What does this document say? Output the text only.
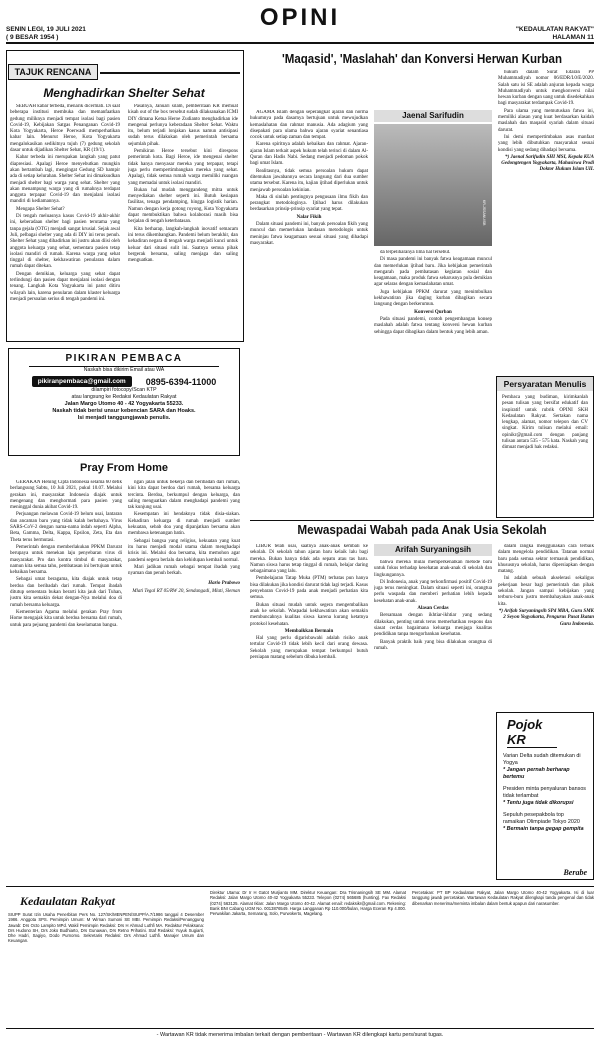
SENIN LEGI, 19 JULI 2021
( 9 BESAR 1954 )
OPINI	"KEDAULATAN RAKYAT"
HALAMAN 11
TAJUK RENCANA
Menghadirkan Shelter Sehat

SEBUAH kabar terbeda, menarik dicermati. Di saat beberapa institusi membuka dan memanfaatkan gedung miliknya menjadi tempat isolasi bagi pasien Covid-19, Kebijakan Satgas Penanganan Covid-19 Kota Yogyakarta, Heroe Poerwadi memperhatikan kabar lain. Menurut Heroe, Kota Yogyakarta mengalokasikan sedikitnya tujuh (7) gedung sekolah dasar untuk dijadikan Shelter Sehat, KR (19/1).

Kabar terbeda ini merupakan langkah yang patut diapresiasi. Apalagi Heroe menyebutkan mungkin akan bertambah lagi, mengingat Gedung SD hampir ada di setiap kelurahan. Shelter Sehat ini dimaksudkan menjadi shelter bagi warga yang sehat. Shelter yang akan menampung warga yang di rumahnya terdapat anggota terpapar Covid-19 dan menjalani isolasi mandiri di kediamannya.

Mengapa Shelter Sehat?

Di tengah meluasnya kasus Covid-19 akhir-akhir ini, keberadaan shelter bagi pasien terutama yang tanpa gejala (OTG) menjadi sangat krusial. Sejak awal Juli, pelbagai shelter yang ada di DIY ini terus penuh. Shelter Sehat yang dihadirkan ini justru akan diisi oleh anggota keluarga yang sehat, sementara pasien tetap isolasi mandiri di rumah. Karena warga yang sehat tinggal di shelter, kekhawatiran penularan dalam rumah dapat ditekan.

Dengan demikian, keluarga yang sehat dapat terlindungi dan pasien dapat menjalani isolasi dengan tenang. Langkah Kota Yogyakarta ini patut ditiru wilayah lain, karena penularan dalam klaster keluarga menjadi persoalan serius di tengah pandemi ini.

Pasalnya, Januari silam, pemberitaan KR memuat kisah out of the box tersebut sudah dilaksanakan ICMI DIY dimana Ketua Heroe Zudianto menghadirkan ide mengenai perlunya keberadaan Shelter Sehat. Waktu itu, belum terjadi lonjakan kasus namun antisipasi sudah terus dilakukan oleh pemerintah bersama sejumlah pihak.

Pemikiran Heroe tersebut kini direspons pemerintah kota. Bagi Heroe, ide mengenai shelter tidak hanya menyasar mereka yang terpapar, tetapi juga perlu mempertimbangkan mereka yang sehat. Apalagi, tidak semua rumah warga memiliki ruangan yang memadai untuk isolasi mandiri.

Bukan hal mudah menggandeng mitra untuk menyediakan shelter seperti ini. Butuh kesiapan fasilitas, tenaga pendamping, hingga logistik harian. Namun dengan kerja gotong royong, Kota Yogyakarta dapat membuktikan bahwa kolaborasi masih bisa berjalan di tengah keterbatasan.

Kita berharap, langkah-langkah inovatif semacam ini terus dikembangkan. Pandemi belum berakhir, dan kehadiran negara di tengah warga menjadi kunci untuk keluar dari situasi sulit ini. Saatnya semua pihak bergerak bersama, saling menjaga dan saling menguatkan.

PIKIRAN PEMBACA
Naskah bisa dikirim Email atau WA
pikiranpembaca@gmail.com	0895-6394-11000
dilampiri fotocopy/Scan KTP
atau langsung ke Redaksi Kedaulatan Rakyat
Jalan Margo Utomo 40 - 42 Yogyakarta 55233.
Naskah tidak berisi unsur kebencian SARA dan Hoaks.
Isi menjadi tanggungjawab penulis.
Pray From Home

GERAKAN Hening Cipta Indonesia selama 60 detik berlangsung Sabtu, 10 Juli 2021, pukul 10.07. Melalui gerakan ini, masyarakat Indonesia diajak untuk mengenang dan menghormati para pasien yang meninggal dunia akibat Covid-19.

Perjuangan melawan Covid-19 belum usai, lantaran dan ancaman baru yang tidak kalah berbahaya. Virus SARS-CoV-2 dengan nama-nama indah seperti Alpha, Beta, Gamma, Delta, Kappa, Epsilon, Zeta, Eta dan Theta terus bermutasi.

Pemerintah dengan memberlakukan PPKM Darurat berupaya untuk menekan laju penyebaran virus di masyarakat. Pro dan kontra timbul di masyarakat, namun kita semua tahu, pembatasan ini bertujuan untuk kebaikan bersama.

Sebagai umat beragama, kita diajak untuk tetap berdoa dan beribadah dari rumah. Tempat ibadah ditutup sementara bukan berarti kita jauh dari Tuhan, justru kita semakin dekat dengan-Nya melalui doa di rumah bersama keluarga.

Kementerian Agama melalui gerakan Pray from Home mengajak kita untuk berdoa bersama dari rumah, untuk para pejuang pandemi dan keselamatan bangsa.

ngan jalan untuk bekerja dan beribadah dari rumah, kini kita dapat berdoa dari rumah, bersama keluarga tercinta. Berdoa, berkumpul dengan keluarga, dan saling menguatkan dalam menghadapi pandemi yang tak kunjung usai.

Kesempatan ini hendaknya tidak disia-siakan. Kehadiran keluarga di rumah menjadi sumber kekuatan, sebab doa yang dipanjatkan bersama akan membawa ketenangan batin.

Sebagai bangsa yang religius, kekuatan yang kuat itu harus menjadi modal utama dalam menghadapi krisis ini. Melalui doa bersama, kita memohon agar pandemi segera berlalu dan kehidupan kembali normal.

Mari jadikan rumah sebagai tempat ibadah yang nyaman dan penuh berkah.

Hario Prabowo

Mlati Tegal RT 05/RW 20, Sendangadi, Mlati, Sleman

'Maqasid', 'Maslahah' dan Konversi Herwan Kurban
Jaenal Sarifudin
KR-JSSANU/SB

AGAMA Islam dengan seperangkat ajaran dan norma hukumnya pada dasarnya bertujuan untuk mewujudkan kemaslahatan dan rahmat manusia. Ada adagium yang disepakati para ulama bahwa ajaran syariat senantiasa cocok untuk setiap zaman dan tempat.

Karena spiritnya adalah kebaikan dan rahmat. Ajaran-ajaran Islam terkait aspek hukum telah terinci di dalam Al-Quran dan Hadis Nabi. Sedang menjadi pedoman pokok bagi umat Islam.

Realitasnya, tidak semua persoalan hukum dapat ditemukan jawabannya secara langsung dari dua sumber utama tersebut. Karena itu, kajian ijtihad diperlukan untuk menjawab persoalan kekinian.

Maka di sinilah pentingnya pengusaan ilmu fikih dan perangkat metodologinya. Ijtihad harus dilakukan berdasarkan prinsip-prinsip syariat yang tepat.

Nalar Fikih

Dalam situasi pandemi ini, banyak persoalan fikih yang muncul dan memerlukan landasan metodologis untuk meninjau fatwa keagamaan sesuai situasi yang dihadapi masyarakat.

da terpeliharanya lima hal tersebut.

Di masa pandemi ini banyak fatwa keagamaan muncul dan memerlukan ijtihad baru. Jika kebijakan pemerintah mengarah pada pembatasan kegiatan sosial dan keagamaan, maka produk fatwa seharusnya pula demikian agar selaras dengan kemaslahatan umat.

Juga kebijakan PPKM darurat yang menimbulkan kekhawatiran jika daging kurban dibagikan secara langsung dengan berkerumun.

Konversi Qurban

Pada situasi pandemi, contoh pengembangan konsep maslahah adalah fatwa tentang konversi hewan kurban sehingga dapat dibagikan dalam bentuk yang lebih aman.

hukum dalam Surat Edaran PP Muhammadiyah nomor 06/EDR/I.0/E/2020. Salah satu isi SE adalah anjuran kepada warga Muhammadiyah untuk mengkonversi nilai hewan kurban dengan uang untuk disedekahkan bagi masyarakat terdampak Covid-19.

Para ulama yang memutuskan fatwa ini, memiliki alasan yang kuat berdasarkan kaidah maslahah dan maqasid syariah dalam situasi darurat.

Ini demi mempertimbakan asas manfaat yang lebih dibutuhkan masyarakat sesuai kondisi yang sedang dihadapi bersama.

*) Jaenal Sarifudin SHI MSI, Kepala KUA Gedongtengen Yogyakarta, Mahasiswa Prodi Doktor Hukum Islam UII.

Persyaratan Menulis
Pembaca yang budiman, kirimkanlah pesan tulisan yang bersifat edukatif dan inspiratif untuk rubrik OPINI SKH Kedaulatan Rakyat. Sertakan nama lengkap, alamat, nomor telepon dan CV singkat. Kirim tulisan melalui email: opinikr@gmail.com dengan panjang tulisan antara 535 - 575 kata. Naskah yang dimuat menjadi hak redaksi.
Mewaspadai Wabah pada Anak Usia Sekolah
Arifah Suryaningsih

LIBUR telah usai, saatnya anak-anak kembali ke sekolah. Di sekolah tahun ajaran baru kelaik lalu bagi mereka. Bukan hanya tidak ada sepatu atau tas baru. Namun siswa harus tetap tinggal di rumah, belajar daring sebagaimana yang lalu.

Pembelajaran Tatap Muka (PTM) terbatas pun hanya bisa dilakukan jika kondisi darurat tidak lagi terjadi. Kasus penyebaran Covid-19 pada anak menjadi perhatian kita semua.

Bukan situasi mudah untuk segera mengembalikan anak ke sekolah. Waspadai kekhawatiran akan semakin membuncahnya kualitas siswa karena kurang ketatnya protokol kesehatan.

Membaikkan Bermain

Hal yang perlu digarisbawahi adalah risiko anak tertular Covid-19 tidak lebih kecil dari orang dewasa. Sekolah yang merupakan tempat berkumpul butuh persiapan matang sebelum dibuka kembali.

bahwa mereka mulai memperkenalkan metode baru untuk fokus terhadap kesehatan anak-anak di sekolah dan lingkungannya.

Di Indonesia, anak yang terkonfirmasi positif Covid-19 juga terus meningkat. Dalam situasi seperti ini, orangtua perlu waspada dan memberi perhatian lebih kepada kesehatan anak-anak.

Alasan Cerdas

Bersamaan dengan ikhtiar-ikhtiar yang sedang dilakukan, penting untuk terus memerhatikan respons dan siasat cerdas bagaimana keluarga menjaga kualitas pendidikan tanpa mengorbankan kesehatan.

Banyak praktik baik yang bisa dilakukan orangtua di rumah.

dalam rangka menggunakan cara terbaik dalam mengelola pendidikan. Tatanan normal baru pada semua sektor termasuk pendidikan, khususnya sekolah, harus dipersiapkan dengan matang.

Ini adalah sebuah akselerasi sekaligus pekerjaan besar bagi pemerintah dan pihak sekolah. Jangan sampai kebijakan yang terburu-buru justru membahayakan anak-anak kita.

*) Arifah Suryaningsih SPd MBA, Guru SMK 2 Seyon Yogyakarta, Pengurus Pusat Ikatan Guru Indonesia.

Pojok KR
Varian Delta sudah ditemukan di Yogya
* Jangan pernah berharap bertemu
Presiden minta penyaluran bansos tidak terlambat
* Tentu juga tidak dikorupsi
Sepuluh pesepakbola top ramaikan Olimpiade Tokyo 2020
* Bermain tanpa gegap gempita
Berabe
Kedaulatan Rakyat
SIUPP Surat Izin Usaha Penerbitan Pers No. 127/SK/MENPEN/SIUPP/A.7/1986 tanggal 4 Desember 1986. Anggota SPS. Pemimpin Umum: M Wirnan Sumoni SE MBI. Pemimpin Redaksi/Penanggung Jawab: Drs Octo Lampito MPd. Wakil Pemimpin Redaksi: Drs H Ahmad Luthfi MA. Redaktur Pelaksana: Drs Hudono SH, Drs Joko Budhiarto, Drs Gunawan, Drs Retno Prihatini. Staf Redaksi: Yuyuk Sugiarti, Dhe Hadri, Sagiyo, Dodo Purnomo. Sekretaris Redaksi: Drs Ahmad Luthfi. Manajer Umum dan Keuangan.
Direktur Utama: Dr Ir H Gatot Murjianto MM. Direktur Keuangan: Dra Trisnaningsih SE MM. Alamat Redaksi: Jalan Margo Utomo 40-42 Yogyakarta 55233. Telepon (0274) 565685 (hunting). Fax Redaksi (0274) 563125. Alamat Iklan: Jalan Margo Utomo 40-42. Alamat email: redaksikr@gmail.com. Rekening: Bank BNI Cabang UGM No. 0013876549. Harga Langganan Rp 110.000/bulan, Harga Eceran Rp 4.000. Perwakilan Jakarta, Semarang, Solo, Purwokerto, Magelang.
Percetakan: PT BP Kedaulatan Rakyat, Jalan Margo Utomo 40-42 Yogyakarta. Isi di luar tanggung jawab percetakan. Wartawan Kedaulatan Rakyat dilengkapi tanda pengenal dan tidak dibenarkan menerima/meminta imbalan dalam bentuk apapun dari narasumber.
- Wartawan KR tidak menerima imbalan terkait dengan pemberitaan - Wartawan KR dilengkapi kartu pers/surat tugas.
